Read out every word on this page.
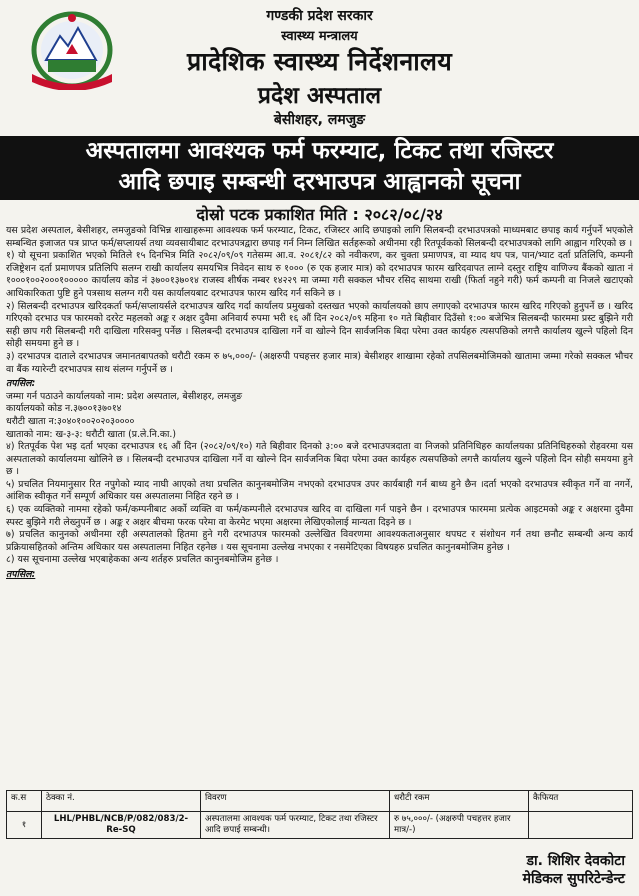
गण्डकी प्रदेश सरकार
स्वास्थ्य मन्त्रालय
प्रादेशिक स्वास्थ्य निर्देशनालय
प्रदेश अस्पताल
बेसीशहर, लमजुङ
अस्पतालमा आवश्यक फर्म फरम्याट, टिकट तथा रजिस्टर
आदि छपाइ सम्बन्धी दरभाउपत्र आह्वानको सूचना
दोस्रो पटक प्रकाशित मिति : २०८२/०८/२४

यस प्रदेश अस्पताल, बेसीशहर, लमजुङको विभिन्न शाखाहरूमा आवश्यक फर्म फरम्याट, टिकट, रजिस्टर आदि छपाइको लागि सिलबन्दी दरभाउपत्रको माध्यमबाट छपाइ कार्य गर्नुपर्ने भएकोले सम्बन्धित इजाजत पत्र प्राप्त फर्म/सप्लायर्स तथा व्यवसायीबाट दरभाउपत्रद्वारा छपाइ गर्न निम्न लिखित सर्तहरूको अधीनमा रही रितपूर्वकको सिलबन्दी दरभाउपत्रको लागि आह्वान गरिएको छ ।

१) यो सूचना प्रकाशित भएको मितिले १५ दिनभित्र मिति २०८२/०९/०९ गतेसम्म आ.व. २०८१/८२ को नवीकरण, कर चुक्ता प्रमाणपत्र, वा म्याद थप पत्र, पान/भ्याट दर्ता प्रतिलिपि, कम्पनी रजिष्ट्रेशन दर्ता प्रमाणपत्र प्रतिलिपि सलग्न राखी कार्यालय समयभित्र निवेदन साथ रु १००० (रु एक हजार मात्र) को दरभाउपत्र फारम खरिदवापत लाग्ने दस्तुर राष्ट्रिय वाणिज्य बैंकको खाता नं १०००१००२०००१००००० कार्यालय कोड नं ३७००१३७०१४ राजस्व शीर्षक नम्बर १४२२९ मा जम्मा गरी सक्कल भौचर रसिद साथमा राखी (फिर्ता नहुने गरी) फर्म कम्पनी वा निजले खटाएको आधिकारिकता पुष्टि हुने पत्रसाथ सलग्न गरी यस कार्यालयबाट दरभाउपत्र फारम खरिद गर्न सकिने छ ।

२) सिलबन्दी दरभाउपत्र खरिदकर्ता फर्म/सप्लायर्सले दरभाउपत्र खरिद गर्दा कार्यालय प्रमुखको दस्तखत भएको कार्यालयको छाप लगाएको दरभाउपत्र फारम खरिद गरिएको हुनुपर्ने छ । खरिद गरिएको दरभाउ पत्र फारमको दररेट महलको अङ्क र अक्षर दुवैमा अनिवार्य रुपमा भरी १६ औं दिन २०८२/०९ महिना १० गते बिहीवार दिउँसो १:०० बजेभित्र सिलबन्दी फारममा प्रस्ट बुझिने गरी सही छाप गरी सिलबन्दी गरी दाखिला गरिसक्नु पर्नेछ । सिलबन्दी दरभाउपत्र दाखिला गर्ने वा खोल्ने दिन सार्वजनिक बिदा परेमा उक्त कार्यहरु त्यसपछिको लगत्तै कार्यालय खुल्ने पहिलो दिन सोही समयमा हुने छ ।

३) दरभाउपत्र दाताले दरभाउपत्र जमानतबापतको धरौटी रकम रु ७५,०००/- (अक्षरुपी पचहत्तर हजार मात्र) बेसीशहर शाखामा रहेको तपसिलबमोजिमको खातामा जम्मा गरेको सक्कल भौचर वा बैंक ग्यारेन्टी दरभाउपत्र साथ संलग्न गर्नुपर्ने छ ।

तपसिल:

जम्मा गर्न पठाउने कार्यालयको नाम: प्रदेश अस्पताल, बेसीशहर, लमजुङ

कार्यालयको कोड न.३७००१३७०१४

धरौटी खाता न:३०४०१००२०२०३००००

खाताको नाम: ख-३-३: धरौटी खाता (प्र.ले.नि.का.)

४) रितपूर्वक पेश भइ दर्ता भएका दरभाउपत्र १६ औं दिन (२०८२/०९/१०) गते बिहीवार दिनको ३:०० बजे दरभाउपत्रदाता वा निजको प्रतिनिधिहरु कार्यालयका प्रतिनिधिहरुको रोहवरमा यस अस्पतालको कार्यालयमा खोलिने छ । सिलबन्दी दरभाउपत्र दाखिला गर्ने वा खोल्ने दिन सार्वजनिक बिदा परेमा उक्त कार्यहरु त्यसपछिको लगत्तै कार्यालय खुल्ने पहिलो दिन सोही समयमा हुने छ ।

५) प्रचलित नियमानुसार रित नपुगेको म्याद नाघी आएको तथा प्रचलित कानुनबमोजिम नभएको दरभाउपत्र उपर कार्यबाही गर्न बाध्य हुने छैन ।दर्ता भएको दरभाउपत्र स्वीकृत गर्ने वा नगर्ने, आंशिक स्वीकृत गर्ने सम्पूर्ण अधिकार यस अस्पतालमा निहित रहने छ ।

६) एक व्यक्तिको नाममा रहेको फर्म/कम्पनीबाट अर्को व्यक्ति वा फर्म/कम्पनीले दरभाउपत्र खरिद वा दाखिला गर्न पाइने छैन । दरभाउपत्र फारममा प्रत्येक आइटमको अङ्क र अक्षरमा दुवैमा स्पस्ट बुझिने गरी लेख्नुपर्ने छ । अङ्क र अक्षर बीचमा फरक परेमा वा केरमेट भएमा अक्षरमा लेखिएकोलाई मान्यता दिइने छ ।

७) प्रचलित कानुनको अधीनमा रही अस्पतालको हितमा हुने गरी दरभाउपत्र फारमको उल्लेखित विवरणमा आवश्यकताअनुसार थपघट र संशोधन गर्न तथा छनौट सम्बन्धी अन्य कार्य प्रक्रियासहितको अन्तिम अधिकार यस अस्पतालमा निहित रहनेछ । यस सूचनामा उल्लेख नभएका र नसमेटिएका विषयहरु प्रचलित कानुनबमोजिम हुनेछ ।

८) यस सूचनामा उल्लेख भएबाहेकका अन्य शर्तहरु प्रचलित कानुनबमोजिम हुनेछ ।

तपसिल:

क.स	ठेक्का नं.	विवरण	धरौटी रकम	कैफियत
१	LHL/PHBL/NCB/P/082/083/2-Re-SQ	अस्पतालमा आवश्यक फर्म फरम्याट, टिकट तथा रजिस्टर आदि छपाई सम्बन्धी।	रु ७५,०००/- (अक्षरुपी पचहत्तर हजार मात्र/-)	
डा. शिशिर देवकोटा
मेडिकल सुपरिटेन्डेन्ट
